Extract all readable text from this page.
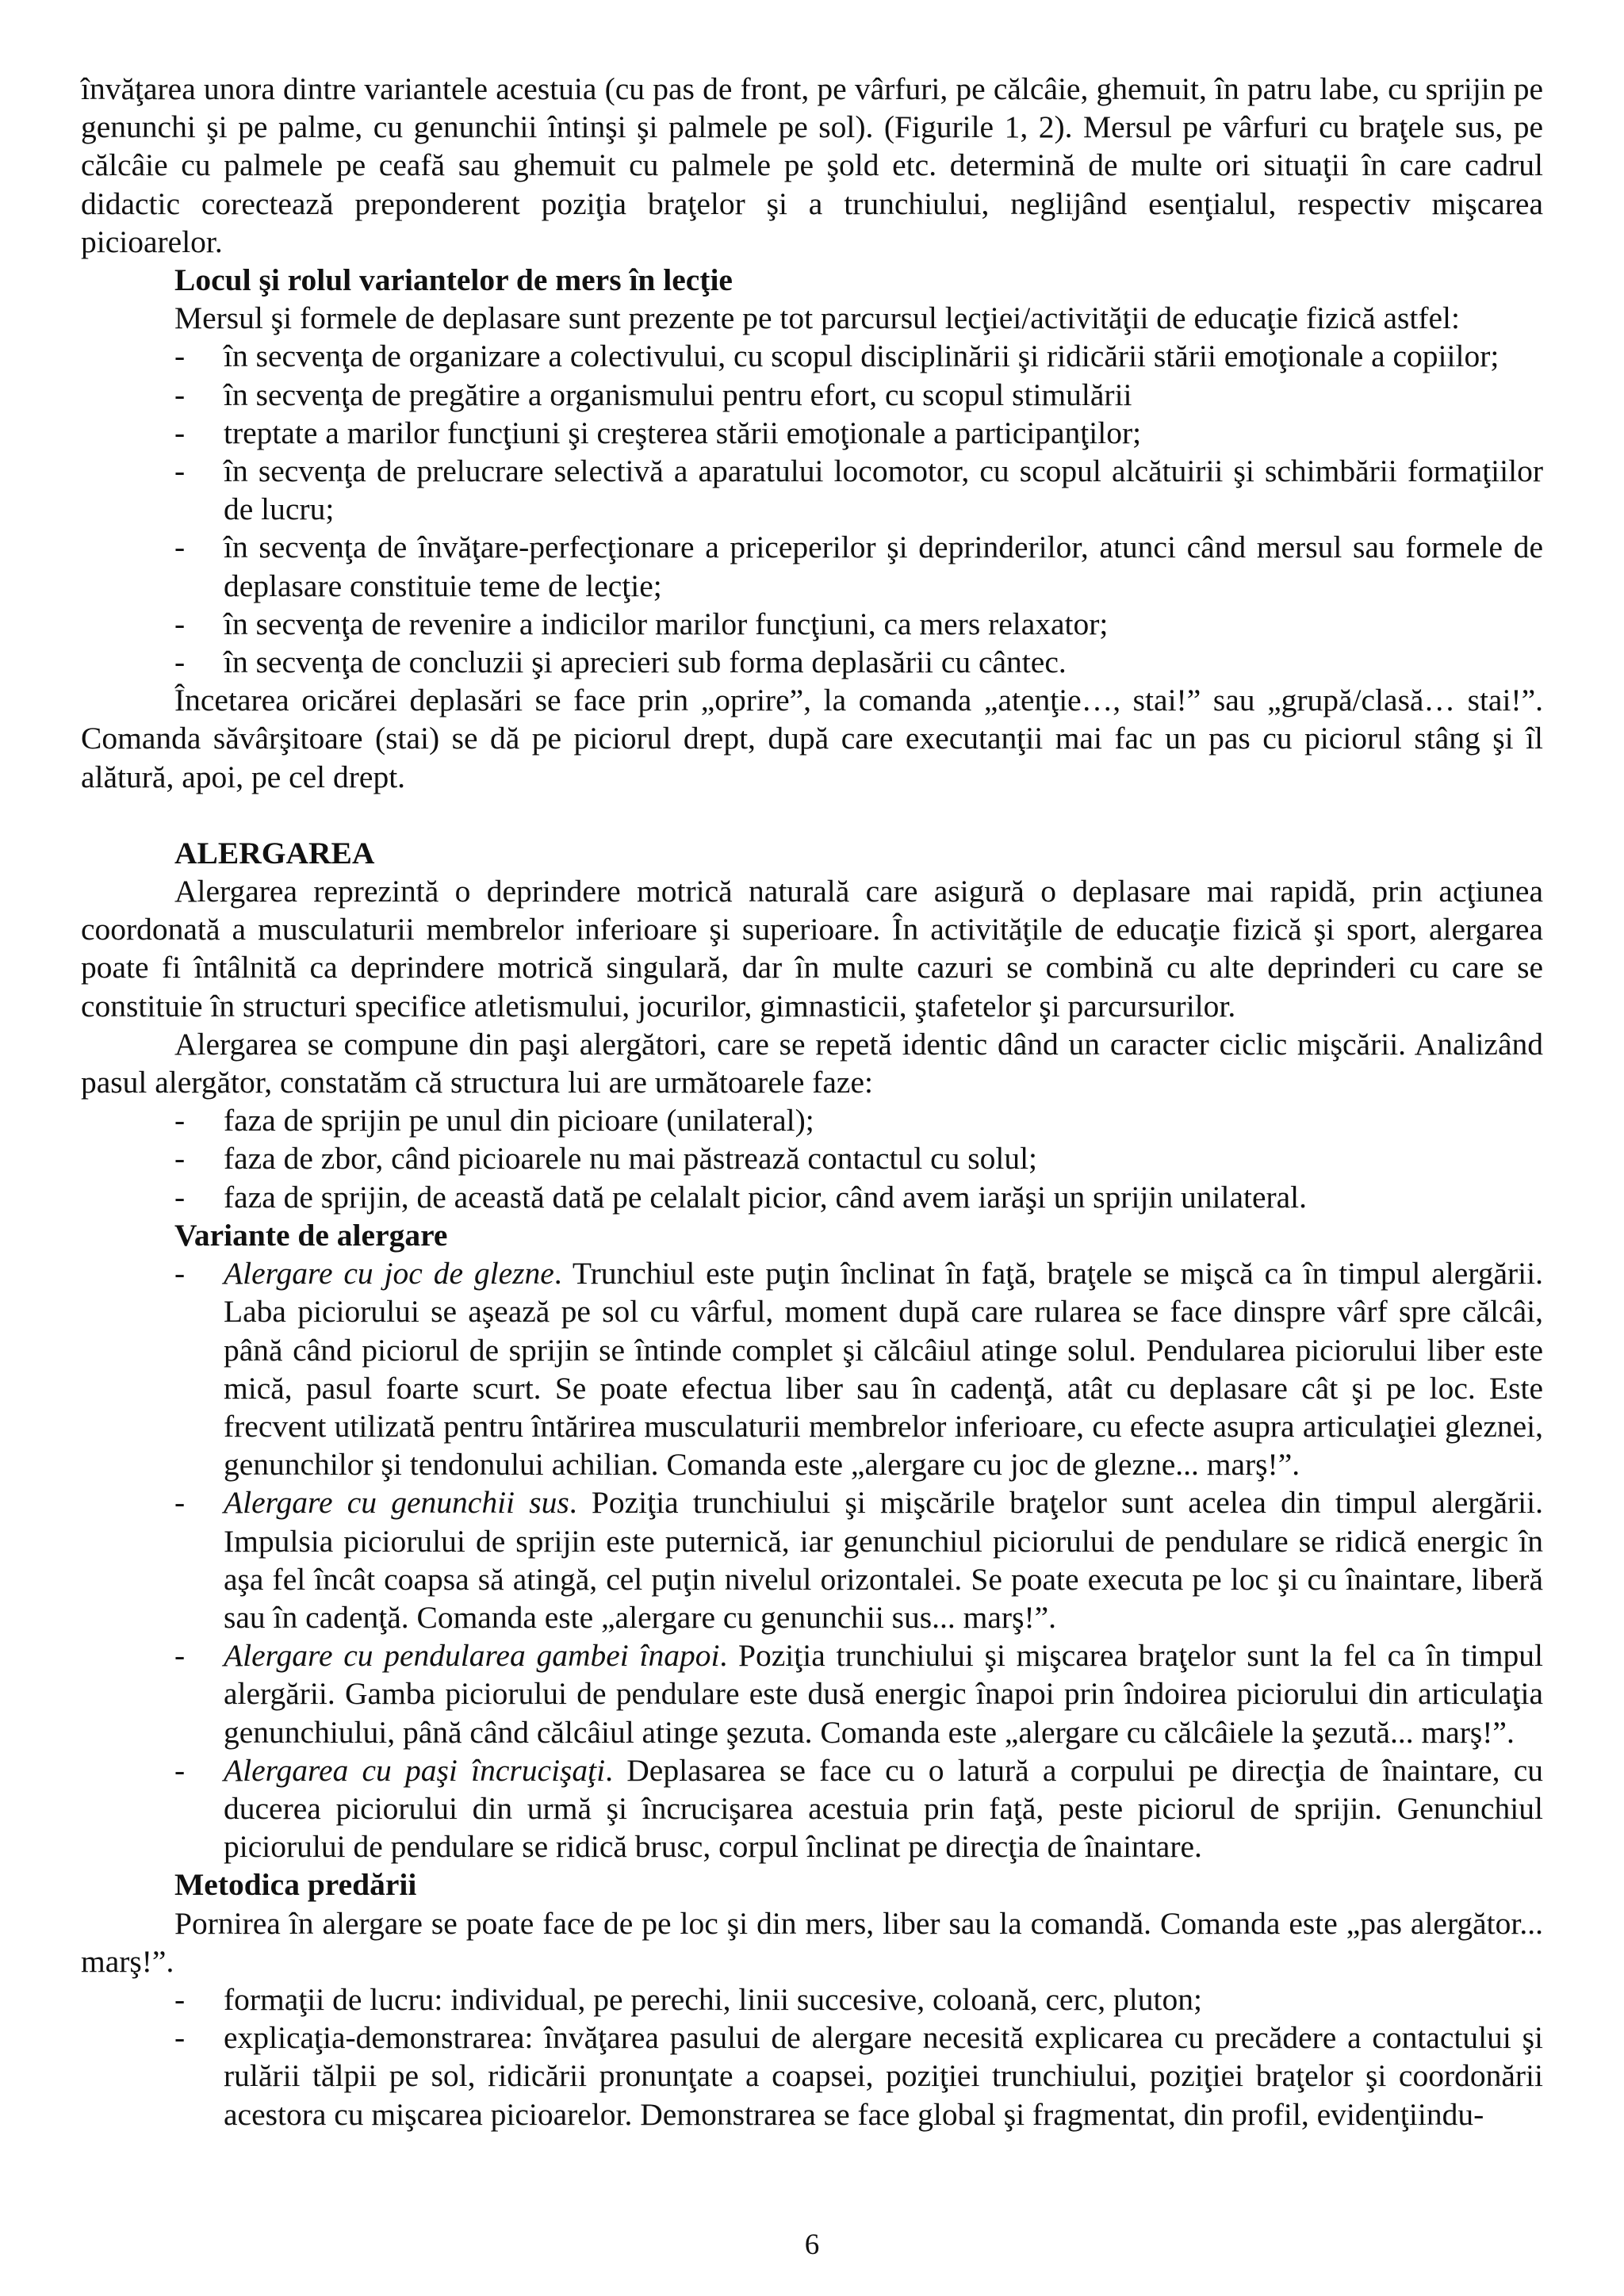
învăţarea unora dintre variantele acestuia (cu pas de front, pe vârfuri, pe călcâie, ghemuit, în patru labe, cu sprijin pe genunchi şi pe palme, cu genunchii întinşi şi palmele pe sol). (Figurile 1, 2). Mersul pe vârfuri cu braţele sus, pe călcâie cu palmele pe ceafă sau ghemuit cu palmele pe şold etc. determină de multe ori situaţii în care cadrul didactic corectează preponderent poziţia braţelor şi a trunchiului, neglijând esenţialul, respectiv mişcarea picioarelor.

Locul şi rolul variantelor de mers în lecţie

Mersul şi formele de deplasare sunt prezente pe tot parcursul lecţiei/activităţii de educaţie fizică astfel:

- în secvenţa de organizare a colectivului, cu scopul disciplinării şi ridicării stării emoţionale a copiilor;

- în secvenţa de pregătire a organismului pentru efort, cu scopul stimulării

- treptate a marilor funcţiuni şi creşterea stării emoţionale a participanţilor;

- în secvenţa de prelucrare selectivă a aparatului locomotor, cu scopul alcătuirii şi schimbării formaţiilor de lucru;

- în secvenţa de învăţare-perfecţionare a priceperilor şi deprinderilor, atunci când mersul sau formele de deplasare constituie teme de lecţie;

- în secvenţa de revenire a indicilor marilor funcţiuni, ca mers relaxator;

- în secvenţa de concluzii şi aprecieri sub forma deplasării cu cântec.

Încetarea oricărei deplasări se face prin „oprire”, la comanda „atenţie…, stai!” sau „grupă/clasă… stai!”. Comanda săvârşitoare (stai) se dă pe piciorul drept, după care executanţii mai fac un pas cu piciorul stâng şi îl alătură, apoi, pe cel drept.

ALERGAREA

Alergarea reprezintă o deprindere motrică naturală care asigură o deplasare mai rapidă, prin acţiunea coordonată a musculaturii membrelor inferioare şi superioare. În activităţile de educaţie fizică şi sport, alergarea poate fi întâlnită ca deprindere motrică singulară, dar în multe cazuri se combină cu alte deprinderi cu care se constituie în structuri specifice atletismului, jocurilor, gimnasticii, ştafetelor şi parcursurilor.

Alergarea se compune din paşi alergători, care se repetă identic dând un caracter ciclic mişcării. Analizând pasul alergător, constatăm că structura lui are următoarele faze:

- faza de sprijin pe unul din picioare (unilateral);

- faza de zbor, când picioarele nu mai păstrează contactul cu solul;

- faza de sprijin, de această dată pe celalalt picior, când avem iarăşi un sprijin unilateral.

Variante de alergare

- Alergare cu joc de glezne. Trunchiul este puţin înclinat în faţă, braţele se mişcă ca în timpul alergării. Laba piciorului se aşează pe sol cu vârful, moment după care rularea se face dinspre vârf spre călcâi, până când piciorul de sprijin se întinde complet şi călcâiul atinge solul. Pendularea piciorului liber este mică, pasul foarte scurt. Se poate efectua liber sau în cadenţă, atât cu deplasare cât şi pe loc. Este frecvent utilizată pentru întărirea musculaturii membrelor inferioare, cu efecte asupra articulaţiei gleznei, genunchilor şi tendonului achilian. Comanda este „alergare cu joc de glezne... marş!”.

- Alergare cu genunchii sus. Poziţia trunchiului şi mişcările braţelor sunt acelea din timpul alergării. Impulsia piciorului de sprijin este puternică, iar genunchiul piciorului de pendulare se ridică energic în aşa fel încât coapsa să atingă, cel puţin nivelul orizontalei. Se poate executa pe loc şi cu înaintare, liberă sau în cadenţă. Comanda este „alergare cu genunchii sus... marş!”.

- Alergare cu pendularea gambei înapoi. Poziţia trunchiului şi mişcarea braţelor sunt la fel ca în timpul alergării. Gamba piciorului de pendulare este dusă energic înapoi prin îndoirea piciorului din articulaţia genunchiului, până când călcâiul atinge şezuta. Comanda este „alergare cu călcâiele la şezută... marş!”.

- Alergarea cu paşi încrucişaţi. Deplasarea se face cu o latură a corpului pe direcţia de înaintare, cu ducerea piciorului din urmă şi încrucişarea acestuia prin faţă, peste piciorul de sprijin. Genunchiul piciorului de pendulare se ridică brusc, corpul înclinat pe direcţia de înaintare.

Metodica predării

Pornirea în alergare se poate face de pe loc şi din mers, liber sau la comandă. Comanda este „pas alergător... marş!”.

- formaţii de lucru: individual, pe perechi, linii succesive, coloană, cerc, pluton;

- explicaţia-demonstrarea: învăţarea pasului de alergare necesită explicarea cu precădere a contactului şi rulării tălpii pe sol, ridicării pronunţate a coapsei, poziţiei trunchiului, poziţiei braţelor şi coordonării acestora cu mişcarea picioarelor. Demonstrarea se face global şi fragmentat, din profil, evidenţiindu-

6
